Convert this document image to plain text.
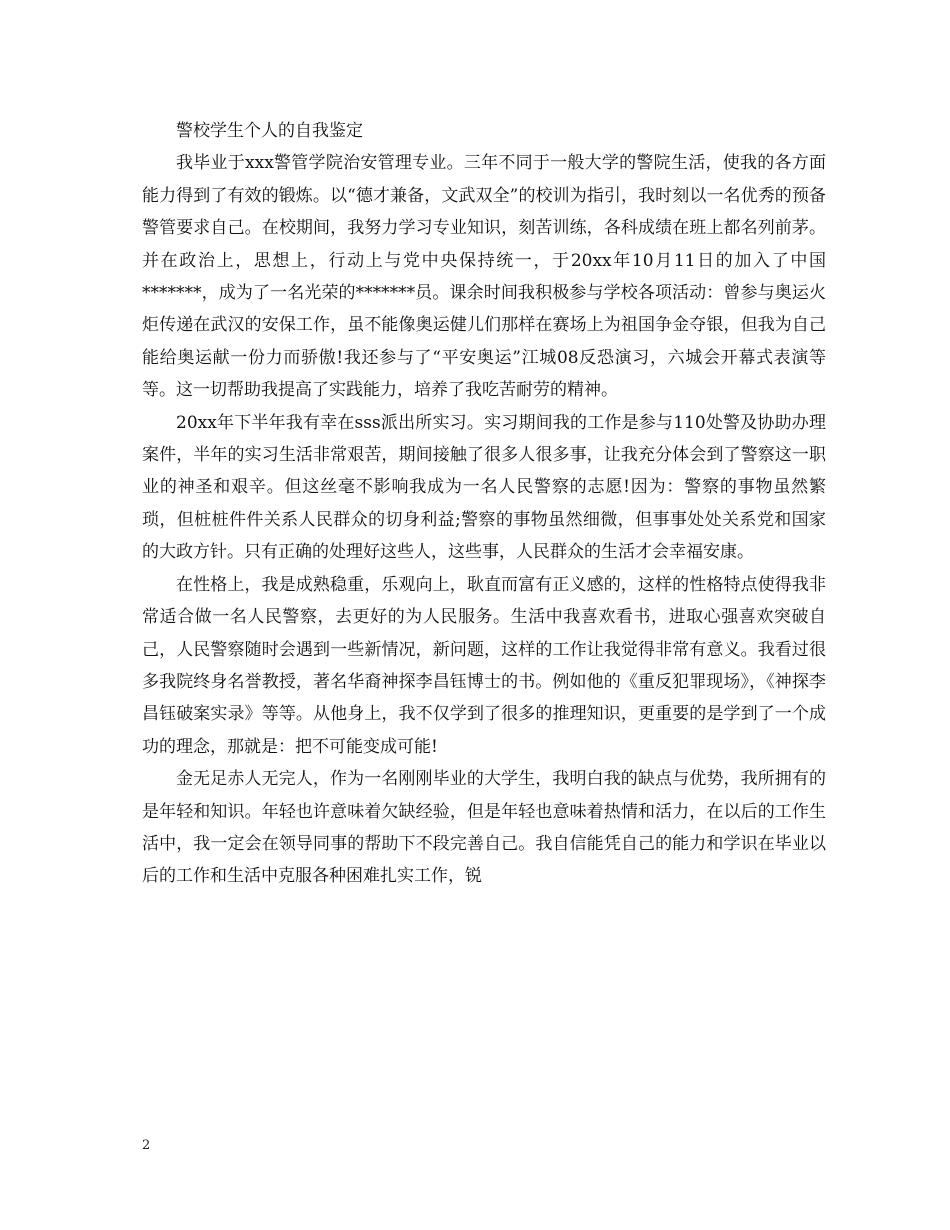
警校学生个人的自我鉴定

我毕业于xxx警管学院治安管理专业。三年不同于一般大学的警院生活，使我的各方面能力得到了有效的锻炼。以“德才兼备，文武双全”的校训为指引，我时刻以一名优秀的预备警管要求自己。在校期间，我努力学习专业知识，刻苦训练，各科成绩在班上都名列前茅。并在政治上，思想上，行动上与党中央保持统一，于20xx年10月11日的加入了中国*******，成为了一名光荣的*******员。课余时间我积极参与学校各项活动：曾参与奥运火炬传递在武汉的安保工作，虽不能像奥运健儿们那样在赛场上为祖国争金夺银，但我为自己能给奥运献一份力而骄傲!我还参与了“平安奥运”江城08反恐演习，六城会开幕式表演等等。这一切帮助我提高了实践能力，培养了我吃苦耐劳的精神。

20xx年下半年我有幸在sss派出所实习。实习期间我的工作是参与110处警及协助办理案件，半年的实习生活非常艰苦，期间接触了很多人很多事，让我充分体会到了警察这一职业的神圣和艰辛。但这丝毫不影响我成为一名人民警察的志愿!因为：警察的事物虽然繁琐，但桩桩件件关系人民群众的切身利益;警察的事物虽然细微，但事事处处关系党和国家的大政方针。只有正确的处理好这些人，这些事，人民群众的生活才会幸福安康。

在性格上，我是成熟稳重，乐观向上，耿直而富有正义感的，这样的性格特点使得我非常适合做一名人民警察，去更好的为人民服务。生活中我喜欢看书，进取心强喜欢突破自己，人民警察随时会遇到一些新情况，新问题，这样的工作让我觉得非常有意义。我看过很多我院终身名誉教授，著名华裔神探李昌钰博士的书。例如他的《重反犯罪现场》，《神探李昌钰破案实录》等等。从他身上，我不仅学到了很多的推理知识，更重要的是学到了一个成功的理念，那就是：把不可能变成可能!

金无足赤人无完人，作为一名刚刚毕业的大学生，我明白我的缺点与优势，我所拥有的是年轻和知识。年轻也许意味着欠缺经验，但是年轻也意味着热情和活力，在以后的工作生活中，我一定会在领导同事的帮助下不段完善自己。我自信能凭自己的能力和学识在毕业以后的工作和生活中克服各种困难扎实工作，锐

2
